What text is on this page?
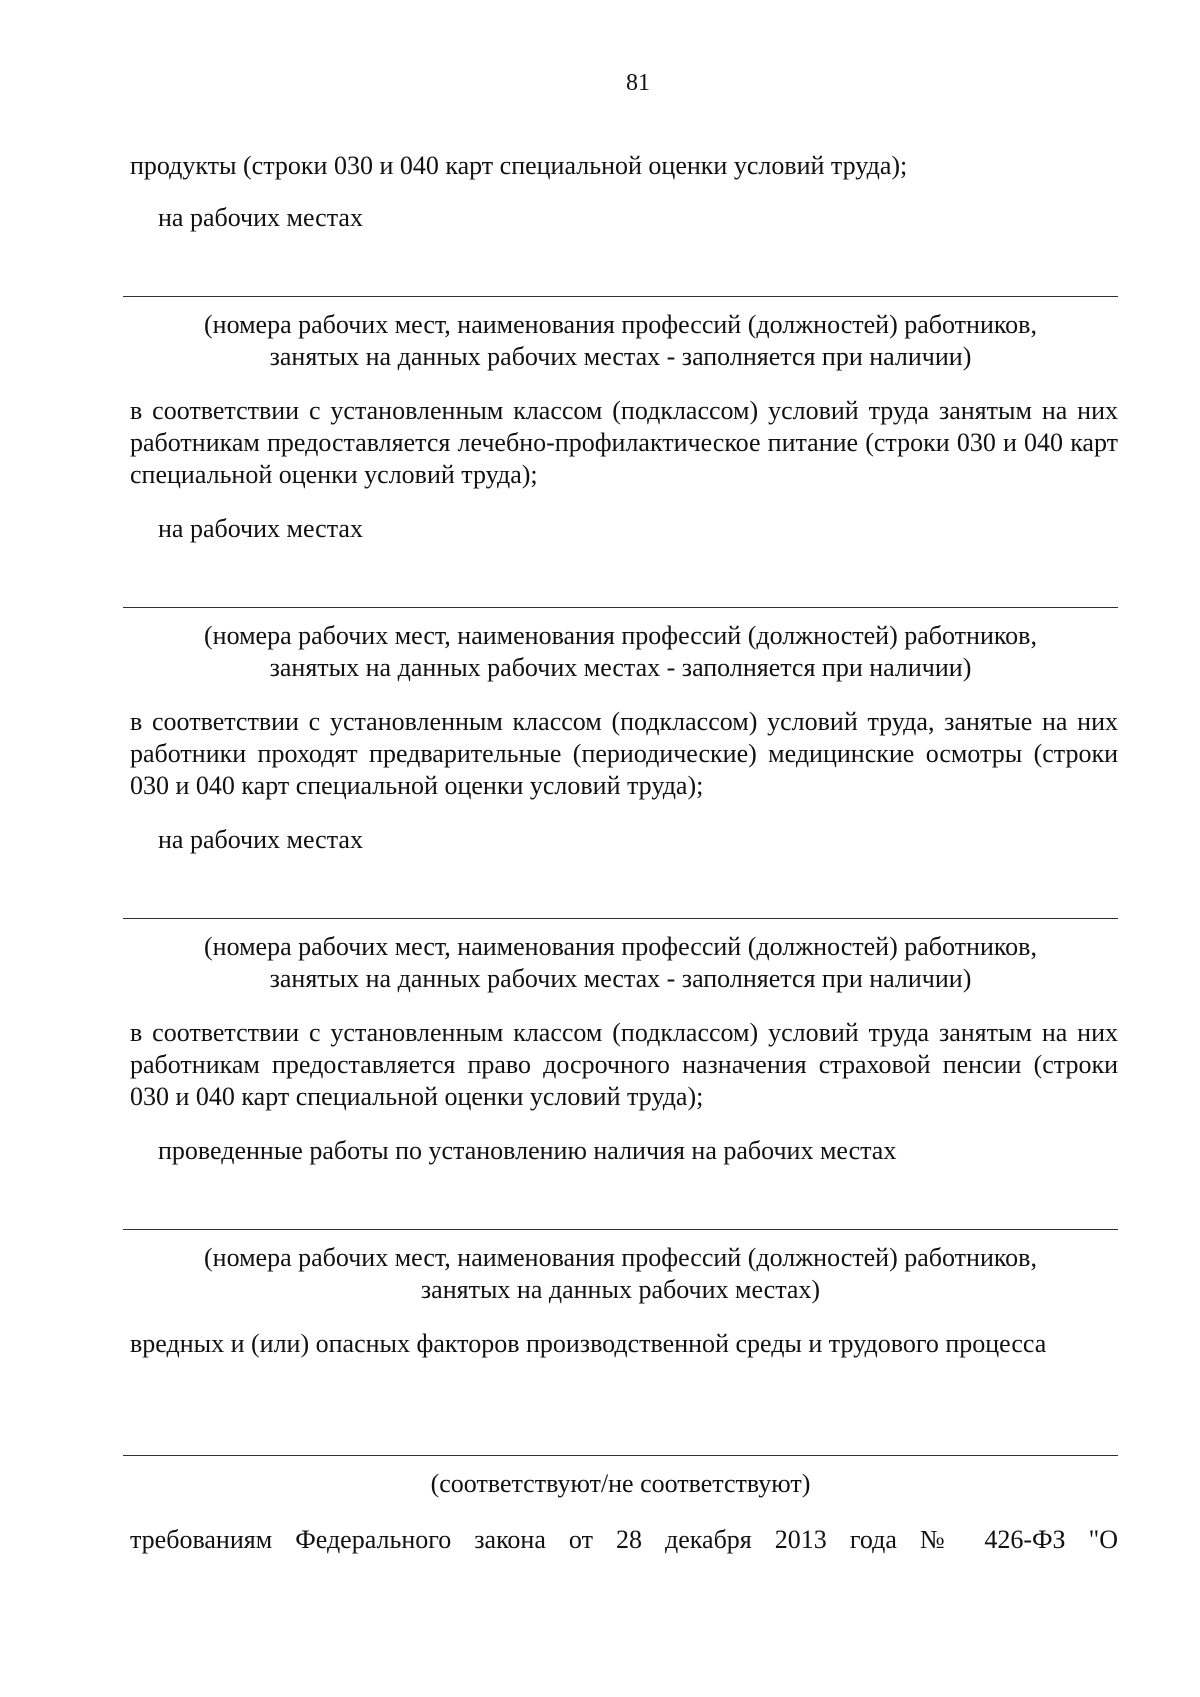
81
продукты (строки 030 и 040 карт специальной оценки условий труда);
на рабочих местах
(номера рабочих мест, наименования профессий (должностей) работников,
занятых на данных рабочих местах - заполняется при наличии)
в соответствии с установленным классом (подклассом) условий труда занятым на них работникам предоставляется лечебно-профилактическое питание (строки 030 и 040 карт специальной оценки условий труда);
на рабочих местах
(номера рабочих мест, наименования профессий (должностей) работников,
занятых на данных рабочих местах - заполняется при наличии)
в соответствии с установленным классом (подклассом) условий труда, занятые на них работники проходят предварительные (периодические) медицинские осмотры (строки 030 и 040 карт специальной оценки условий труда);
на рабочих местах
(номера рабочих мест, наименования профессий (должностей) работников,
занятых на данных рабочих местах - заполняется при наличии)
в соответствии с установленным классом (подклассом) условий труда занятым на них работникам предоставляется право досрочного назначения страховой пенсии (строки 030 и 040 карт специальной оценки условий труда);
проведенные работы по установлению наличия на рабочих местах
(номера рабочих мест, наименования профессий (должностей) работников,
занятых на данных рабочих местах)
вредных и (или) опасных факторов производственной среды и трудового процесса
(соответствуют/не соответствуют)
требованиям Федерального закона от 28 декабря 2013 года № 426-ФЗ "О
